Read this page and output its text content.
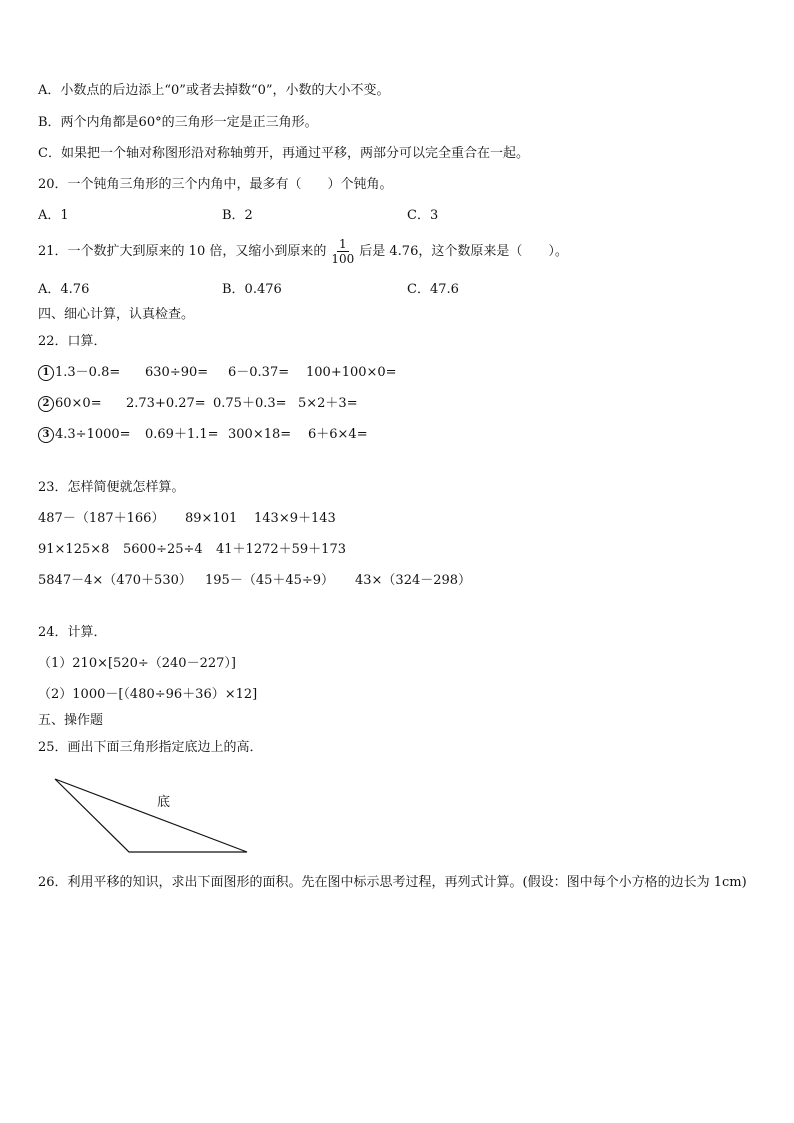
A．小数点的后边添上“0”或者去掉数“0”，小数的大小不变。
B．两个内角都是60°的三角形一定是正三角形。
C．如果把一个轴对称图形沿对称轴剪开，再通过平移，两部分可以完全重合在一起。
20．一个钝角三角形的三个内角中，最多有（　　）个钝角。
A．1	B．2	C．3
21．一个数扩大到原来的 10 倍，又缩小到原来的 $\frac{1}{100}$ 后是 4.76，这个数原来是（　　）。
A．4.76	B．0.476	C．47.6
四、细心计算，认真检查。
22．口算．
1 1.3－0.8= 630÷90= 6－0.37= 100+100×0=
2 60×0= 2.73+0.27= 0.75＋0.3= 5×2＋3=
3 4.3÷1000= 0.69＋1.1= 300×18= 6＋6×4=
23．怎样简便就怎样算。
487－（187＋166） 89×101 143×9＋143
91×125×8 5600÷25÷4 41＋1272＋59＋173
5847－4×（470＋530） 195－（45＋45÷9） 43×（324－298）
24．计算．
（1）210×[520÷（240－227）]
（2）1000－[（480÷96＋36）×12]
五、操作题
25．画出下面三角形指定底边上的高．
底
26．利用平移的知识，求出下面图形的面积。先在图中标示思考过程，再列式计算。(假设：图中每个小方格的边长为 1cm)
